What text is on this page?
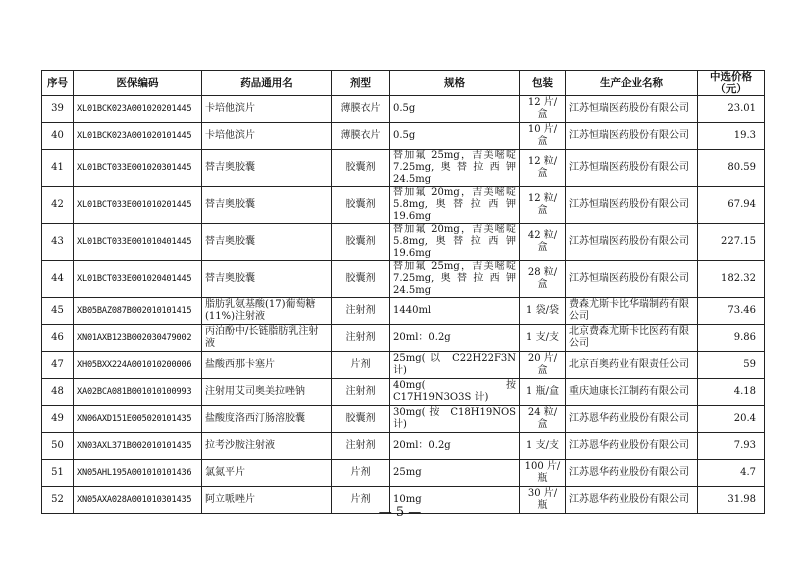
序号	医保编码	药品通用名	剂型	规格	包装	生产企业名称	中选价格（元）
39	XL01BCK023A001020201445	卡培他滨片	薄膜衣片	0.5g	12 片/盒	江苏恒瑞医药股份有限公司	23.01
40	XL01BCK023A001020101445	卡培他滨片	薄膜衣片	0.5g	10 片/盒	江苏恒瑞医药股份有限公司	19.3
41	XL01BCT033E001020301445	替吉奥胶囊	胶囊剂	替加氟 25mg，吉美嘧啶 7.25mg,奥替拉西钾 24.5mg	12 粒/盒	江苏恒瑞医药股份有限公司	80.59
42	XL01BCT033E001010201445	替吉奥胶囊	胶囊剂	替加氟 20mg，吉美嘧啶 5.8mg,奥替拉西钾 19.6mg	12 粒/盒	江苏恒瑞医药股份有限公司	67.94
43	XL01BCT033E001010401445	替吉奥胶囊	胶囊剂	替加氟 20mg，吉美嘧啶 5.8mg,奥替拉西钾 19.6mg	42 粒/盒	江苏恒瑞医药股份有限公司	227.15
44	XL01BCT033E001020401445	替吉奥胶囊	胶囊剂	替加氟 25mg，吉美嘧啶 7.25mg,奥替拉西钾 24.5mg	28 粒/盒	江苏恒瑞医药股份有限公司	182.32
45	XB05BAZ087B002010101415	脂肪乳氨基酸(17)葡萄糖(11%)注射液	注射剂	1440ml	1 袋/袋	费森尤斯卡比华瑞制药有限公司	73.46
46	XN01AXB123B002030479002	丙泊酚中/长链脂肪乳注射液	注射剂	20ml：0.2g	1 支/支	北京费森尤斯卡比医药有限公司	9.86
47	XH05BXX224A001010200006	盐酸西那卡塞片	片剂	25mg(以 C22H22F3N 计)	20 片/盒	北京百奥药业有限责任公司	59
48	XA02BCA081B001010100993	注射用艾司奥美拉唑钠	注射剂	40mg(按 C17H19N3O3S 计)	1 瓶/盒	重庆迪康长江制药有限公司	4.18
49	XN06AXD151E005020101435	盐酸度洛西汀肠溶胶囊	胶囊剂	30mg(按 C18H19NOS 计)	24 粒/盒	江苏恩华药业股份有限公司	20.4
50	XN03AXL371B002010101435	拉考沙胺注射液	注射剂	20ml：0.2g	1 支/支	江苏恩华药业股份有限公司	7.93
51	XN05AHL195A001010101436	氯氮平片	片剂	25mg	100 片/瓶	江苏恩华药业股份有限公司	4.7
52	XN05AXA028A001010301435	阿立哌唑片	片剂	10mg	30 片/瓶	江苏恩华药业股份有限公司	31.98
— 5 —
